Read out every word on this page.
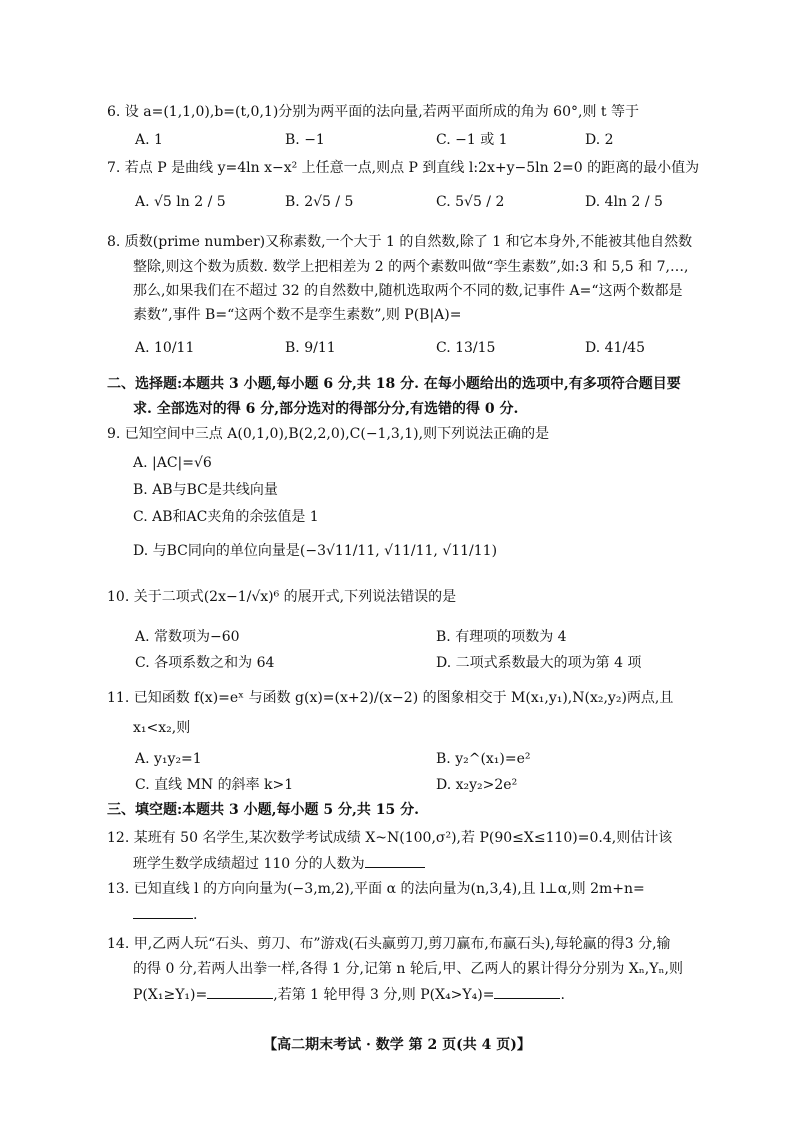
6. 设 a=(1,1,0),b=(t,0,1)分别为两平面的法向量,若两平面所成的角为 60°,则 t 等于
A. 1	B. −1	C. −1 或 1	D. 2
7. 若点 P 是曲线 y=4ln x−x² 上任意一点,则点 P 到直线 l:2x+y−5ln 2=0 的距离的最小值为
A. √5 ln 2 / 5	B. 2√5 / 5	C. 5√5 / 2	D. 4ln 2 / 5
8. 质数(prime number)又称素数,一个大于 1 的自然数,除了 1 和它本身外,不能被其他自然数
整除,则这个数为质数. 数学上把相差为 2 的两个素数叫做“孪生素数”,如:3 和 5,5 和 7,…,
那么,如果我们在不超过 32 的自然数中,随机选取两个不同的数,记事件 A=“这两个数都是
素数”,事件 B=“这两个数不是孪生素数”,则 P(B|A)=
A. 10/11	B. 9/11	C. 13/15	D. 41/45
二、选择题:本题共 3 小题,每小题 6 分,共 18 分. 在每小题给出的选项中,有多项符合题目要
求. 全部选对的得 6 分,部分选对的得部分分,有选错的得 0 分.
9. 已知空间中三点 A(0,1,0),B(2,2,0),C(−1,3,1),则下列说法正确的是
A. |AC|=√6
B. AB与BC是共线向量
C. AB和AC夹角的余弦值是 1
D. 与BC同向的单位向量是(−3√11/11, √11/11, √11/11)
10. 关于二项式(2x−1/√x)⁶ 的展开式,下列说法错误的是
A. 常数项为−60	B. 有理项的项数为 4
C. 各项系数之和为 64	D. 二项式系数最大的项为第 4 项
11. 已知函数 f(x)=eˣ 与函数 g(x)=(x+2)/(x−2) 的图象相交于 M(x₁,y₁),N(x₂,y₂)两点,且
x₁<x₂,则
A. y₁y₂=1	B. y₂^(x₁)=e²
C. 直线 MN 的斜率 k>1	D. x₂y₂>2e²
三、填空题:本题共 3 小题,每小题 5 分,共 15 分.
12. 某班有 50 名学生,某次数学考试成绩 X~N(100,σ²),若 P(90≤X≤110)=0.4,则估计该
班学生数学成绩超过 110 分的人数为
13. 已知直线 l 的方向向量为(−3,m,2),平面 α 的法向量为(n,3,4),且 l⊥α,则 2m+n=
.
14. 甲,乙两人玩“石头、剪刀、布”游戏(石头赢剪刀,剪刀赢布,布赢石头),每轮赢的得3 分,输
的得 0 分,若两人出拳一样,各得 1 分,记第 n 轮后,甲、乙两人的累计得分分别为 Xₙ,Yₙ,则
P(X₁≥Y₁)=	,若第 1 轮甲得 3 分,则 P(X₄>Y₄)=	.
【高二期末考试 · 数学 第 2 页(共 4 页)】
